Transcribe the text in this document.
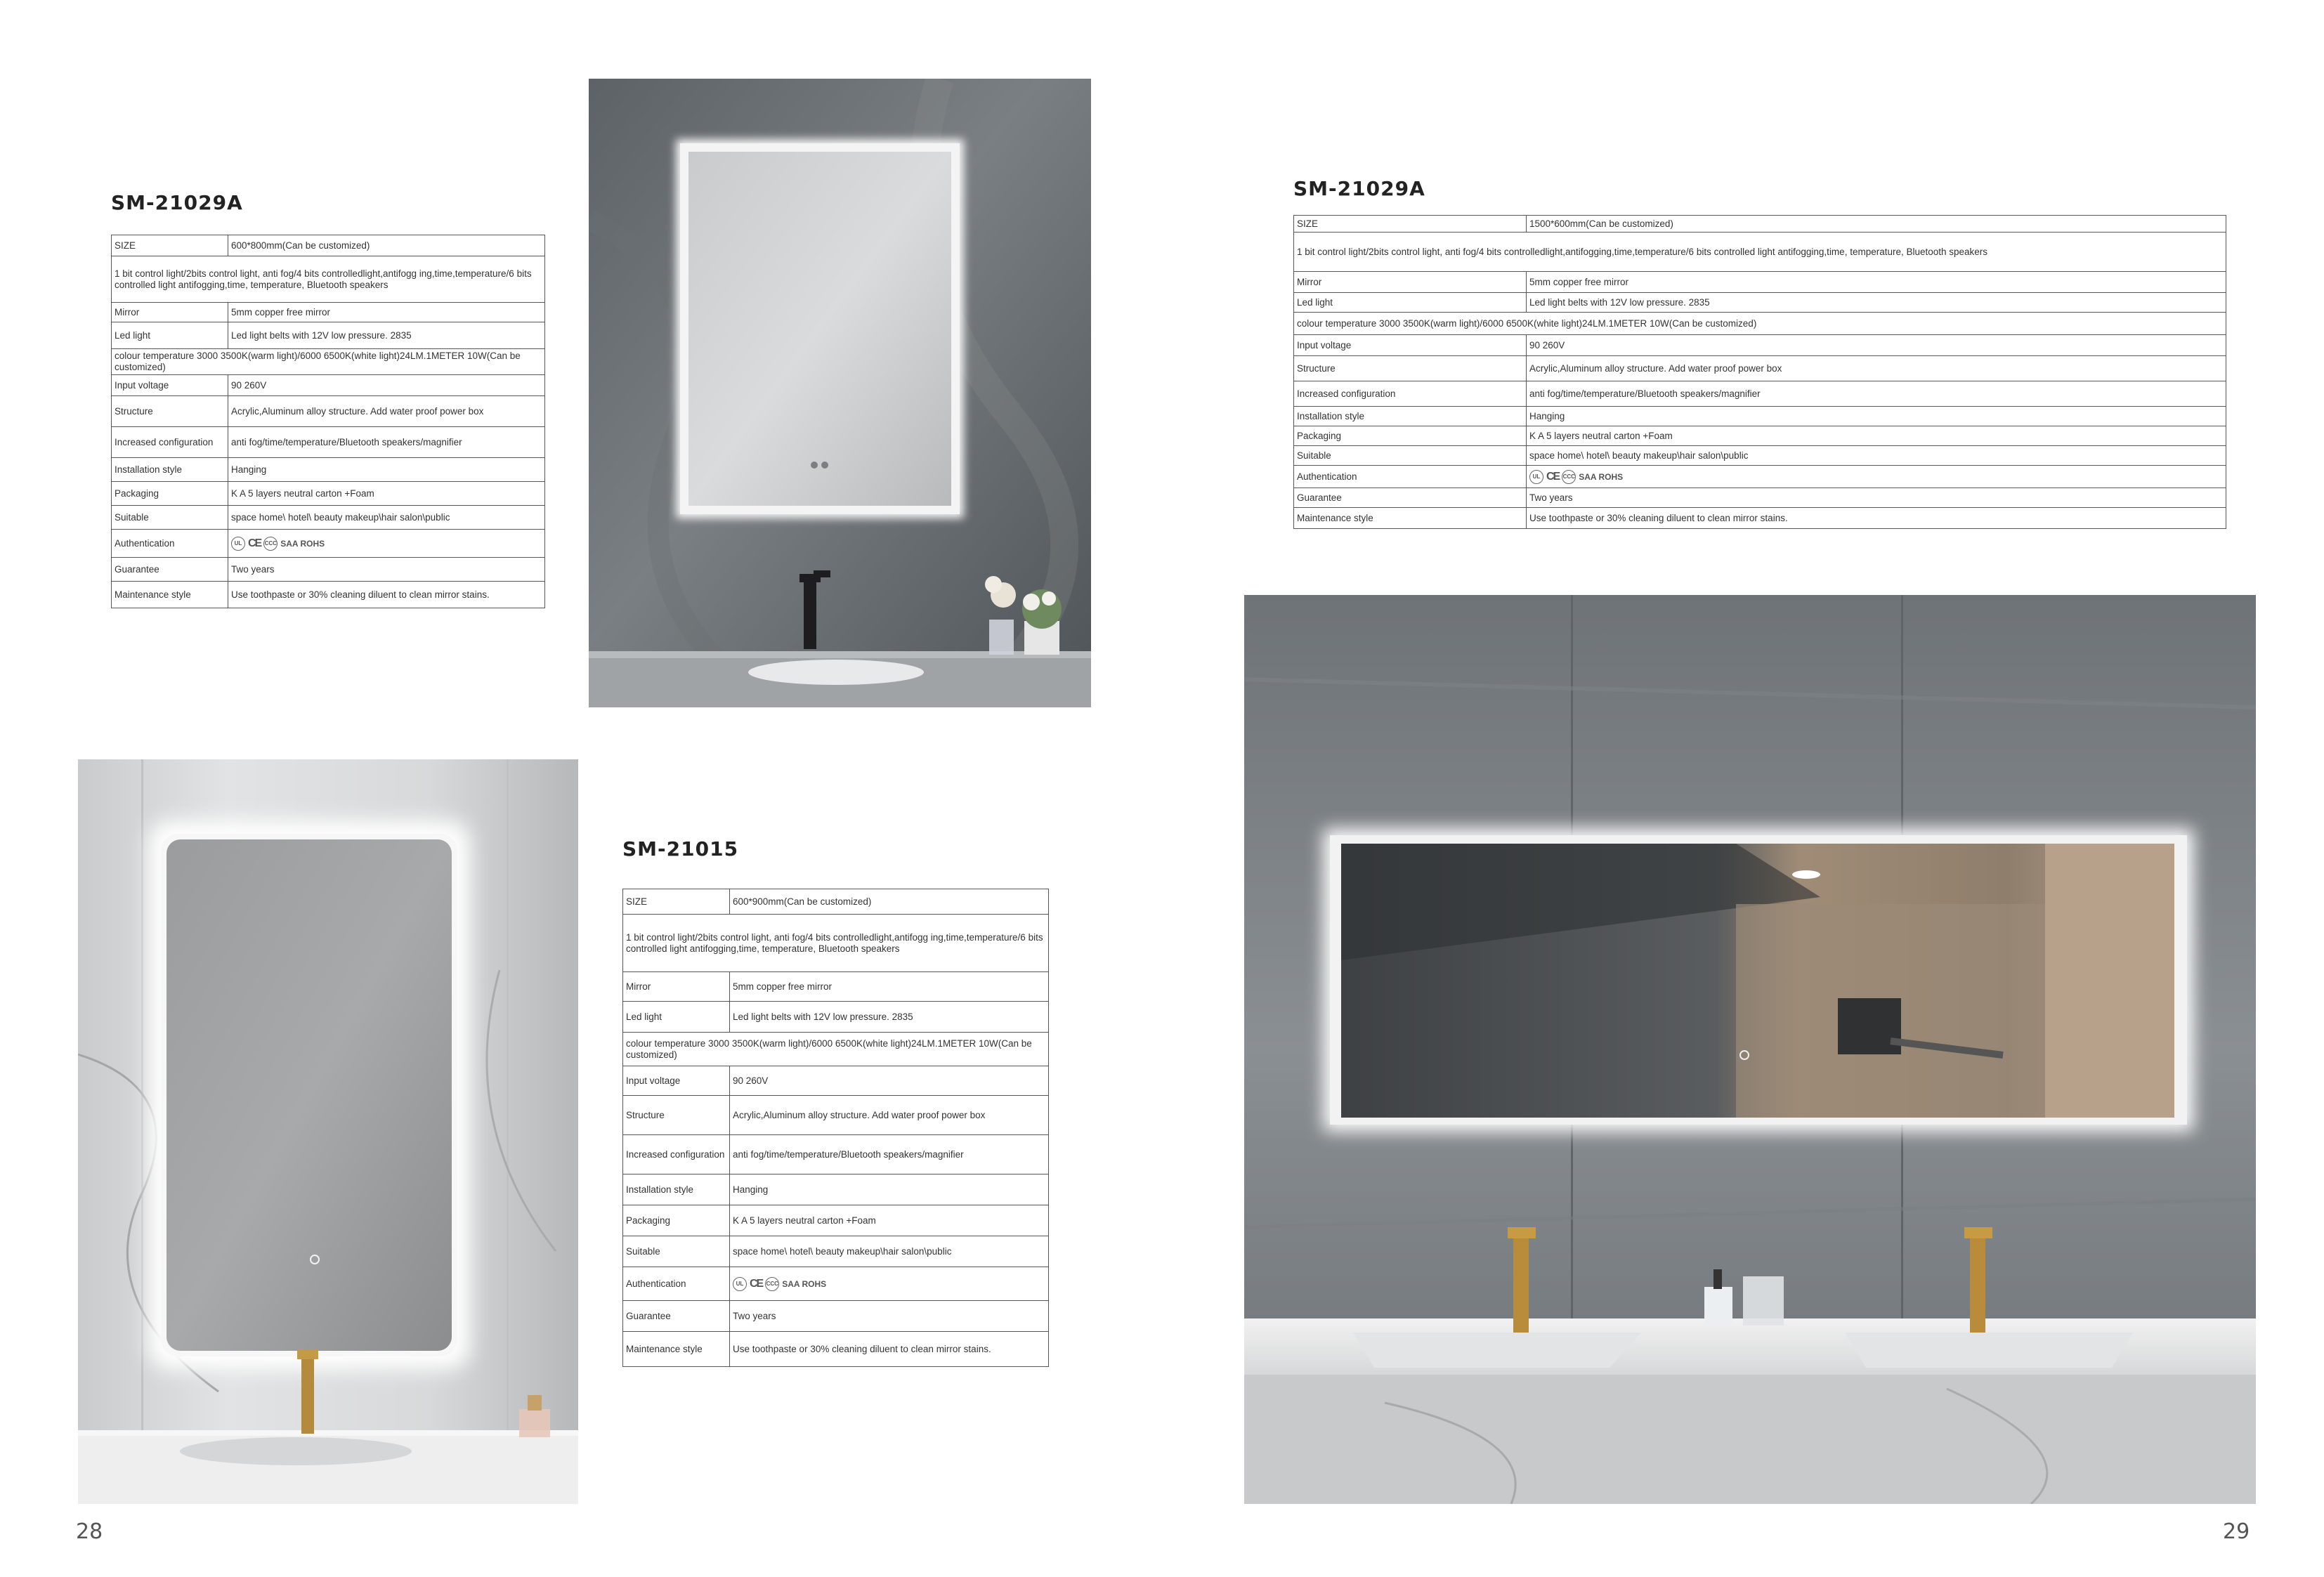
SM-21029A
SIZE	600*800mm(Can be customized)
1 bit control light/2bits control light, anti fog/4 bits controlledlight,antifogg ing,time,temperature/6 bits controlled light antifogging,time, temperature, Bluetooth speakers	
Mirror	5mm copper free mirror
Led light	Led light belts with 12V low pressure. 2835
colour temperature 3000 3500K(warm light)/6000 6500K(white light)24LM.1METER 10W(Can be customized)	
Input voltage	90 260V
Structure	Acrylic,Aluminum alloy structure. Add water proof power box
Increased configuration	anti fog/time/temperature/Bluetooth speakers/magnifier
Installation style	Hanging
Packaging	K A 5 layers neutral carton +Foam
Suitable	space home\ hotel\ beauty makeup\hair salon\public
Authentication	UL CE CCC SAA ROHS

Guarantee	Two years
Maintenance style	Use toothpaste or 30% cleaning diluent to clean mirror stains.
SM-21015
SIZE	600*900mm(Can be customized)
1 bit control light/2bits control light, anti fog/4 bits controlledlight,antifogg ing,time,temperature/6 bits controlled light antifogging,time, temperature, Bluetooth speakers	
Mirror	5mm copper free mirror
Led light	Led light belts with 12V low pressure. 2835
colour temperature 3000 3500K(warm light)/6000 6500K(white light)24LM.1METER 10W(Can be customized)	
Input voltage	90 260V
Structure	Acrylic,Aluminum alloy structure. Add water proof power box
Increased configuration	anti fog/time/temperature/Bluetooth speakers/magnifier
Installation style	Hanging
Packaging	K A 5 layers neutral carton +Foam
Suitable	space home\ hotel\ beauty makeup\hair salon\public
Authentication	UL CE CCC SAA ROHS

Guarantee	Two years
Maintenance style	Use toothpaste or 30% cleaning diluent to clean mirror stains.
28
SM-21029A
SIZE	1500*600mm(Can be customized)
1 bit control light/2bits control light, anti fog/4 bits controlledlight,antifogging,time,temperature/6 bits controlled light antifogging,time, temperature, Bluetooth speakers	
Mirror	5mm copper free mirror
Led light	Led light belts with 12V low pressure. 2835
colour temperature 3000 3500K(warm light)/6000 6500K(white light)24LM.1METER 10W(Can be customized)	
Input voltage	90 260V
Structure	Acrylic,Aluminum alloy structure. Add water proof power box
Increased configuration	anti fog/time/temperature/Bluetooth speakers/magnifier
Installation style	Hanging
Packaging	K A 5 layers neutral carton +Foam
Suitable	space home\ hotel\ beauty makeup\hair salon\public
Authentication	UL CE CCC SAA ROHS

Guarantee	Two years
Maintenance style	Use toothpaste or 30% cleaning diluent to clean mirror stains.
29
